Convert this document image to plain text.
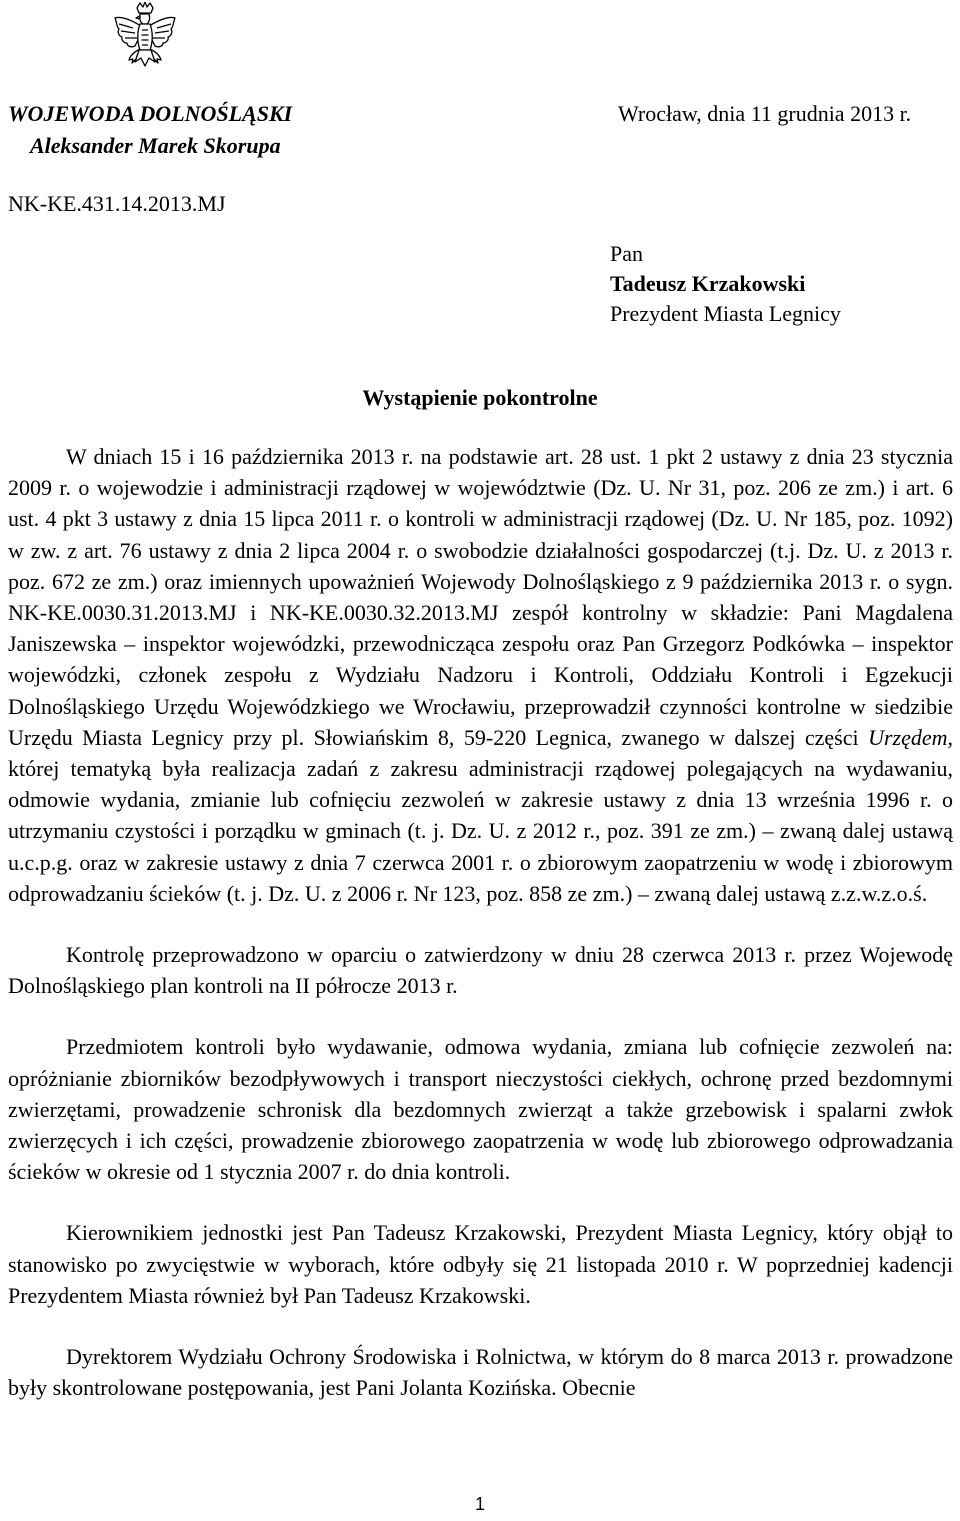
WOJEWODA DOLNOŚLĄSKI
Aleksander Marek Skorupa
Wrocław, dnia 11 grudnia 2013 r.
NK-KE.431.14.2013.MJ
Pan
Tadeusz Krzakowski
Prezydent Miasta Legnicy
Wystąpienie pokontrolne

W dniach 15 i 16 października 2013 r. na podstawie art. 28 ust. 1 pkt 2 ustawy z dnia 23 stycznia 2009 r. o wojewodzie i administracji rządowej w województwie (Dz. U. Nr 31, poz. 206 ze zm.) i art. 6 ust. 4 pkt 3 ustawy z dnia 15 lipca 2011 r. o kontroli w administracji rządowej (Dz. U. Nr 185, poz. 1092) w zw. z art. 76 ustawy z dnia 2 lipca 2004 r. o swobodzie działalności gospodarczej (t.j. Dz. U. z 2013 r. poz. 672 ze zm.) oraz imiennych upoważnień Wojewody Dolnośląskiego z 9 października 2013 r. o sygn. NK-KE.0030.31.2013.MJ i NK-KE.0030.32.2013.MJ zespół kontrolny w składzie: Pani Magdalena Janiszewska – inspektor wojewódzki, przewodnicząca zespołu oraz Pan Grzegorz Podkówka – inspektor wojewódzki, członek zespołu z Wydziału Nadzoru i Kontroli, Oddziału Kontroli i Egzekucji Dolnośląskiego Urzędu Wojewódzkiego we Wrocławiu, przeprowadził czynności kontrolne w siedzibie Urzędu Miasta Legnicy przy pl. Słowiańskim 8, 59-220 Legnica, zwanego w dalszej części Urzędem, której tematyką była realizacja zadań z zakresu administracji rządowej polegających na wydawaniu, odmowie wydania, zmianie lub cofnięciu zezwoleń w zakresie ustawy z dnia 13 września 1996 r. o utrzymaniu czystości i porządku w gminach (t. j. Dz. U. z 2012 r., poz. 391 ze zm.) – zwaną dalej ustawą u.c.p.g. oraz w zakresie ustawy z dnia 7 czerwca 2001 r. o zbiorowym zaopatrzeniu w wodę i zbiorowym odprowadzaniu ścieków (t. j. Dz. U. z 2006 r. Nr 123, poz. 858 ze zm.) – zwaną dalej ustawą z.z.w.z.o.ś.

Kontrolę przeprowadzono w oparciu o zatwierdzony w dniu 28 czerwca 2013 r. przez Wojewodę Dolnośląskiego plan kontroli na II półrocze 2013 r.

Przedmiotem kontroli było wydawanie, odmowa wydania, zmiana lub cofnięcie zezwoleń na: opróżnianie zbiorników bezodpływowych i transport nieczystości ciekłych, ochronę przed bezdomnymi zwierzętami, prowadzenie schronisk dla bezdomnych zwierząt a także grzebowisk i spalarni zwłok zwierzęcych i ich części, prowadzenie zbiorowego zaopatrzenia w wodę lub zbiorowego odprowadzania ścieków w okresie od 1 stycznia 2007 r. do dnia kontroli.

Kierownikiem jednostki jest Pan Tadeusz Krzakowski, Prezydent Miasta Legnicy, który objął to stanowisko po zwycięstwie w wyborach, które odbyły się 21 listopada 2010 r. W poprzedniej kadencji Prezydentem Miasta również był Pan Tadeusz Krzakowski.

Dyrektorem Wydziału Ochrony Środowiska i Rolnictwa, w którym do 8 marca 2013 r. prowadzone były skontrolowane postępowania, jest Pani Jolanta Kozińska. Obecnie

1
